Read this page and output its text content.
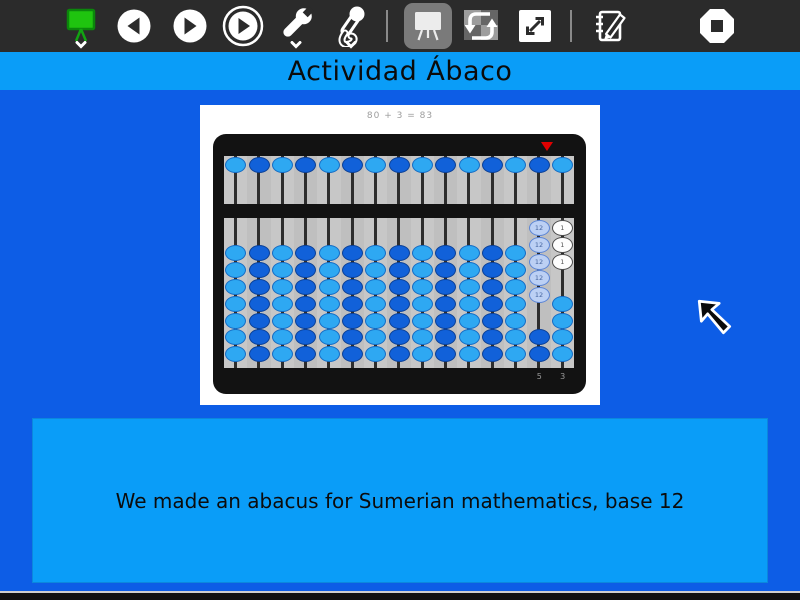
Actividad Ábaco
80 + 3 = 83
12
12
12
12
12
1
1
1
5	3
We made an abacus for Sumerian mathematics, base 12
